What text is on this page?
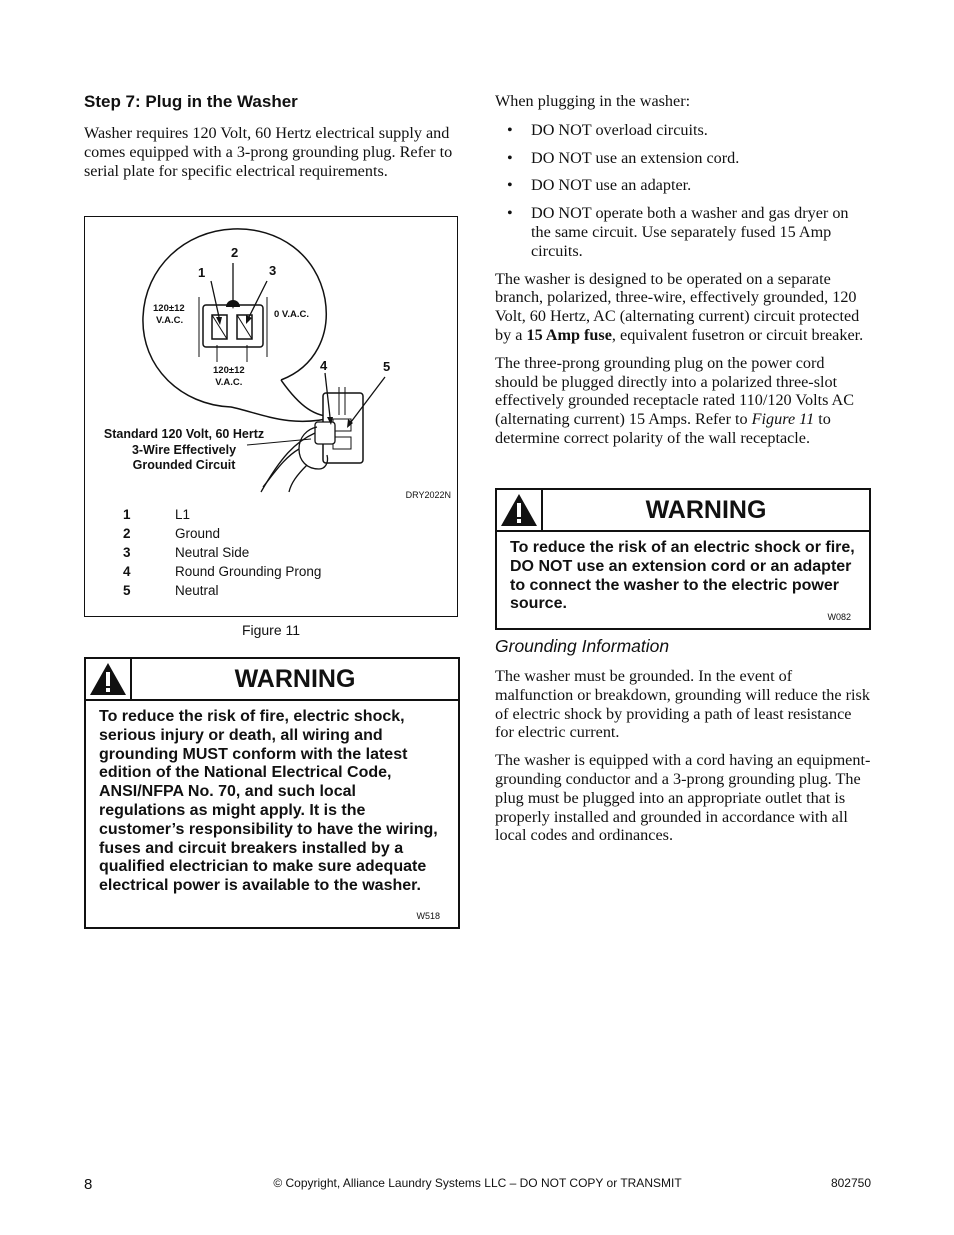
Step 7: Plug in the Washer

Washer requires 120 Volt, 60 Hertz electrical supply and comes equipped with a 3-prong grounding plug. Refer to serial plate for specific electrical requirements.

1
2
3
4	5
120±12
V.A.C.
0 V.A.C.
120±12
V.A.C.
Standard 120 Volt, 60 Hertz
3-Wire Effectively
Grounded Circuit
DRY2022N
1	L1
2	Ground
3	Neutral Side
4	Round Grounding Prong
5	Neutral
Figure 11
WARNING
To reduce the risk of fire, electric shock, serious injury or death, all wiring and grounding MUST conform with the latest edition of the National Electrical Code, ANSI/NFPA No. 70, and such local regulations as might apply. It is the customer’s responsibility to have the wiring, fuses and circuit breakers installed by a qualified electrician to make sure adequate electrical power is available to the washer.
W518

When plugging in the washer:

• DO NOT overload circuits.
• DO NOT use an extension cord.
• DO NOT use an adapter.
• DO NOT operate both a washer and gas dryer on the same circuit. Use separately fused 15 Amp circuits.

The washer is designed to be operated on a separate branch, polarized, three-wire, effectively grounded, 120 Volt, 60 Hertz, AC (alternating current) circuit protected by a 15 Amp fuse, equivalent fusetron or circuit breaker.

The three-prong grounding plug on the power cord should be plugged directly into a polarized three-slot effectively grounded receptacle rated 110/120 Volts AC (alternating current) 15 Amps. Refer to Figure 11 to determine correct polarity of the wall receptacle.

WARNING
To reduce the risk of an electric shock or fire, DO NOT use an extension cord or an adapter to connect the washer to the electric power source.
W082
Grounding Information

The washer must be grounded. In the event of malfunction or breakdown, grounding will reduce the risk of electric shock by providing a path of least resistance for electric current.

The washer is equipped with a cord having an equipment-grounding conductor and a 3-prong grounding plug. The plug must be plugged into an appropriate outlet that is properly installed and grounded in accordance with all local codes and ordinances.

8	© Copyright, Alliance Laundry Systems LLC – DO NOT COPY or TRANSMIT	802750
